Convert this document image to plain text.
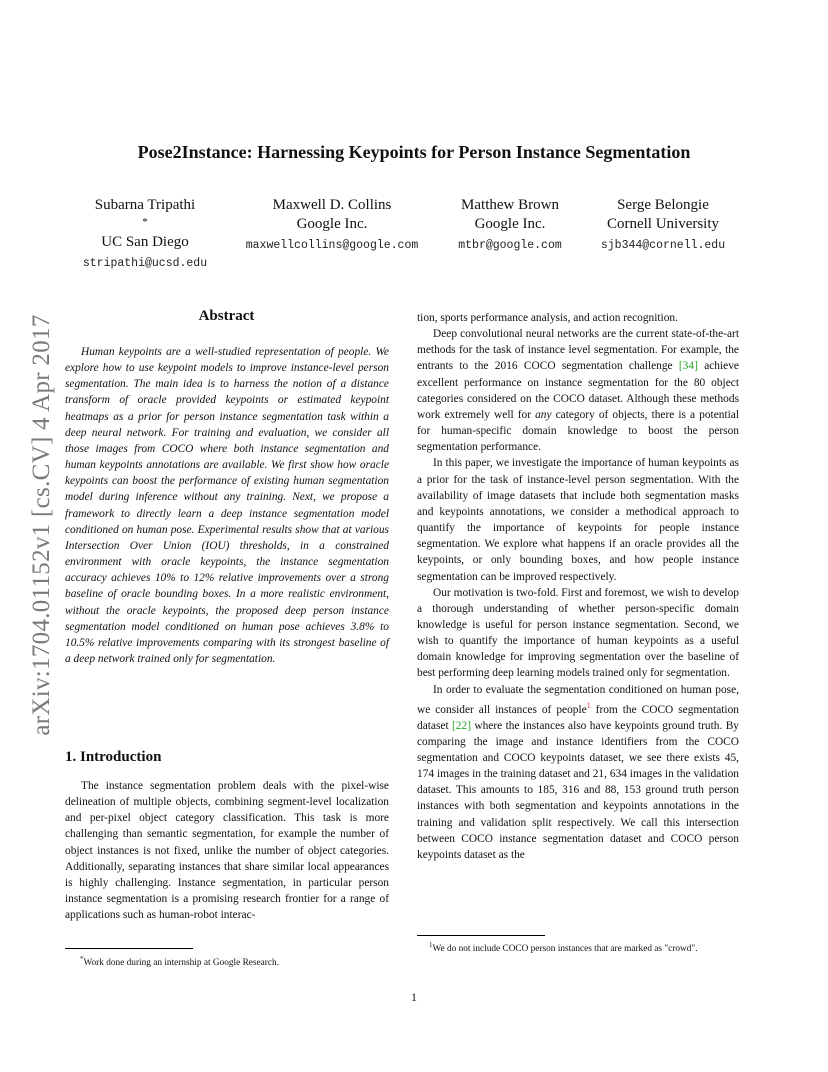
arXiv:1704.01152v1 [cs.CV] 4 Apr 2017
Pose2Instance: Harnessing Keypoints for Person Instance Segmentation
Subarna Tripathi
*
UC San Diego
stripathi@ucsd.edu
Maxwell D. Collins
Google Inc.
maxwellcollins@google.com
Matthew Brown
Google Inc.
mtbr@google.com
Serge Belongie
Cornell University
sjb344@cornell.edu
Abstract

Human keypoints are a well-studied representation of people. We explore how to use keypoint models to improve instance-level person segmentation. The main idea is to harness the notion of a distance transform of oracle provided keypoints or estimated keypoint heatmaps as a prior for person instance segmentation task within a deep neural network. For training and evaluation, we consider all those images from COCO where both instance segmentation and human keypoints annotations are available. We first show how oracle keypoints can boost the performance of existing human segmentation model during inference without any training. Next, we propose a framework to directly learn a deep instance segmentation model conditioned on human pose. Experimental results show that at various Intersection Over Union (IOU) thresholds, in a constrained environment with oracle keypoints, the instance segmentation accuracy achieves 10% to 12% relative improvements over a strong baseline of oracle bounding boxes. In a more realistic environment, without the oracle keypoints, the proposed deep person instance segmentation model conditioned on human pose achieves 3.8% to 10.5% relative improvements comparing with its strongest baseline of a deep network trained only for segmentation.

1. Introduction

The instance segmentation problem deals with the pixel-wise delineation of multiple objects, combining segment-level localization and per-pixel object category classification. This task is more challenging than semantic segmentation, for example the number of object instances is not fixed, unlike the number of object categories. Additionally, separating instances that share similar local appearances is highly challenging. Instance segmentation, in particular person instance segmentation is a promising research frontier for a range of applications such as human-robot interac-

tion, sports performance analysis, and action recognition.

Deep convolutional neural networks are the current state-of-the-art methods for the task of instance level segmentation. For example, the entrants to the 2016 COCO segmentation challenge [34] achieve excellent performance on instance segmentation for the 80 object categories considered on the COCO dataset. Although these methods work extremely well for any category of objects, there is a potential for human-specific domain knowledge to boost the person segmentation performance.

In this paper, we investigate the importance of human keypoints as a prior for the task of instance-level person segmentation. With the availability of image datasets that include both segmentation masks and keypoints annotations, we consider a methodical approach to quantify the importance of keypoints for people instance segmentation. We explore what happens if an oracle provides all the keypoints, or only bounding boxes, and how people instance segmentation can be improved respectively.

Our motivation is two-fold. First and foremost, we wish to develop a thorough understanding of whether person-specific domain knowledge is useful for person instance segmentation. Second, we wish to quantify the importance of human keypoints as a useful domain knowledge for improving segmentation over the baseline of best performing deep learning models trained only for segmentation.

In order to evaluate the segmentation conditioned on human pose, we consider all instances of people$^1$ from the COCO segmentation dataset [22] where the instances also have keypoints ground truth. By comparing the image and instance identifiers from the COCO segmentation and COCO keypoints dataset, we see there exists 45, 174 images in the training dataset and 21, 634 images in the validation dataset. This amounts to 185, 316 and 88, 153 ground truth person instances with both segmentation and keypoints annotations in the training and validation split respectively. We call this intersection between COCO instance segmentation dataset and COCO person keypoints dataset as the

*Work done during an internship at Google Research.
$^1$We do not include COCO person instances that are marked as "crowd".
1
